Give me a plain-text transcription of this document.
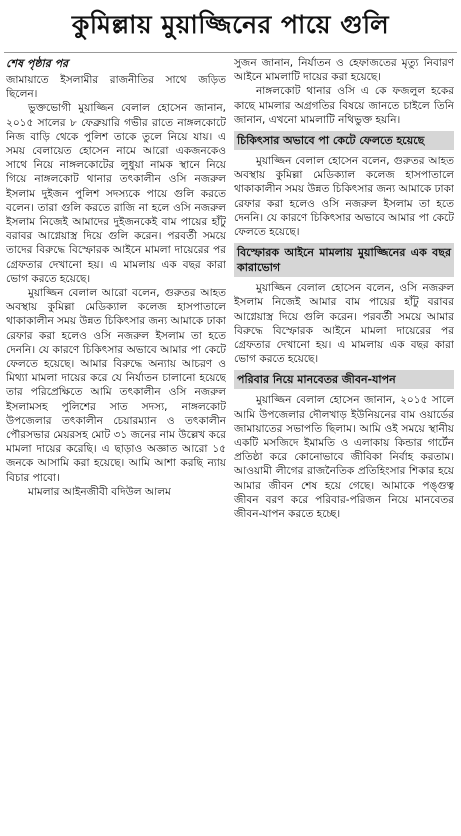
কুমিল্লায় মুয়াজ্জিনের পায়ে গুলি
শেষ পৃষ্ঠার পর

জামায়াতে ইসলামীর রাজনীতির সাথে জড়িত ছিলেন।

ভুক্তভোগী মুয়াজ্জিন বেলাল হোসেন জানান, ২০১৫ সালের ৮ ফেব্রুয়ারি গভীর রাতে নাঙ্গলকোটে নিজ বাড়ি থেকে পুলিশ তাকে তুলে নিয়ে যায়। এ সময় বেলায়েত হোসেন নামে আরো একজনকেও সাথে নিয়ে নাঙ্গলকোটের লুধুয়া নামক স্থানে নিয়ে গিয়ে নাঙ্গলকোট থানার তৎকালীন ওসি নজরুল ইসলাম দুইজন পুলিশ সদস্যকে পায়ে গুলি করতে বলেন। তারা গুলি করতে রাজি না হলে ওসি নজরুল ইসলাম নিজেই আমাদের দুইজনকেই বাম পায়ের হাঁটু বরাবর আগ্নেয়াস্ত্র দিয়ে গুলি করেন। পরবর্তী সময়ে তাদের বিরুদ্ধে বিস্ফোরক আইনে মামলা দায়েরের পর গ্রেফতার দেখানো হয়। এ মামলায় এক বছর কারা ভোগ করতে হয়েছে।

মুয়াজ্জিন বেলাল আরো বলেন, গুরুতর আহত অবস্থায় কুমিল্লা মেডিক্যাল কলেজ হাসপাতালে থাকাকালীন সময় উন্নত চিকিৎসার জন্য আমাকে ঢাকা রেফার করা হলেও ওসি নজরুল ইসলাম তা হতে দেননি। যে কারণে চিকিৎসার অভাবে আমার পা কেটে ফেলতে হয়েছে। আমার বিরুদ্ধে অন্যায় আচরণ ও মিথ্যা মামলা দায়ের করে যে নির্যাতন চালানো হয়েছে তার পরিপ্রেক্ষিতে আমি তৎকালীন ওসি নজরুল ইসলামসহ পুলিশের সাত সদস্য, নাঙ্গলকোট উপজেলার তৎকালীন চেয়ারম্যান ও তৎকালীন পৌরসভার মেয়রসহ মোট ৩১ জনের নাম উল্লেখ করে মামলা দায়ের করেছি। এ ছাড়াও অজ্ঞাত আরো ১৫ জনকে আসামি করা হয়েছে। আমি আশা করছি ন্যায় বিচার পাবো।

মামলার আইনজীবী বদিউল আলম

সুজন জানান, নির্যাতন ও হেফাজতের মৃত্যু নিবারণ আইনে মামলাটি দায়ের করা হয়েছে।

নাঙ্গলকোট থানার ওসি এ কে ফজলুল হকের কাছে মামলার অগ্রগতির বিষয়ে জানতে চাইলে তিনি জানান, এখনো মামলাটি নথিভুক্ত হয়নি।

চিকিৎসার অভাবে পা কেটে ফেলতে হয়েছে

মুয়াজ্জিন বেলাল হোসেন বলেন, গুরুতর আহত অবস্থায় কুমিল্লা মেডিক্যাল কলেজ হাসপাতালে থাকাকালীন সময় উন্নত চিকিৎসার জন্য আমাকে ঢাকা রেফার করা হলেও ওসি নজরুল ইসলাম তা হতে দেননি। যে কারণে চিকিৎসার অভাবে আমার পা কেটে ফেলতে হয়েছে।

বিস্ফোরক আইনে মামলায় মুয়াজ্জিনের এক বছর কারাভোগ

মুয়াজ্জিন বেলাল হোসেন বলেন, ওসি নজরুল ইসলাম নিজেই আমার বাম পায়ের হাঁটু বরাবর আগ্নেয়াস্ত্র দিয়ে গুলি করেন। পরবর্তী সময়ে আমার বিরুদ্ধে বিস্ফোরক আইনে মামলা দায়েরের পর গ্রেফতার দেখানো হয়। এ মামলায় এক বছর কারা ভোগ করতে হয়েছে।

পরিবার নিয়ে মানবেতর জীবন-যাপন

মুয়াজ্জিন বেলাল হোসেন জানান, ২০১৫ সালে আমি উপজেলার দৌলখাড় ইউনিয়নের বাম ওয়ার্ডের জামায়াতের সভাপতি ছিলাম। আমি ওই সময়ে স্থানীয় একটি মসজিদে ইমামতি ও এলাকায় কিন্ডার গার্টেন প্রতিষ্ঠা করে কোনোভাবে জীবিকা নির্বাহ করতাম। আওয়ামী লীগের রাজনৈতিক প্রতিহিংসার শিকার হয়ে আমার জীবন শেষ হয়ে গেছে। আমাকে পঙ্গুত্ব জীবন বরণ করে পরিবার-পরিজন নিয়ে মানবেতর জীবন-যাপন করতে হচ্ছে।
